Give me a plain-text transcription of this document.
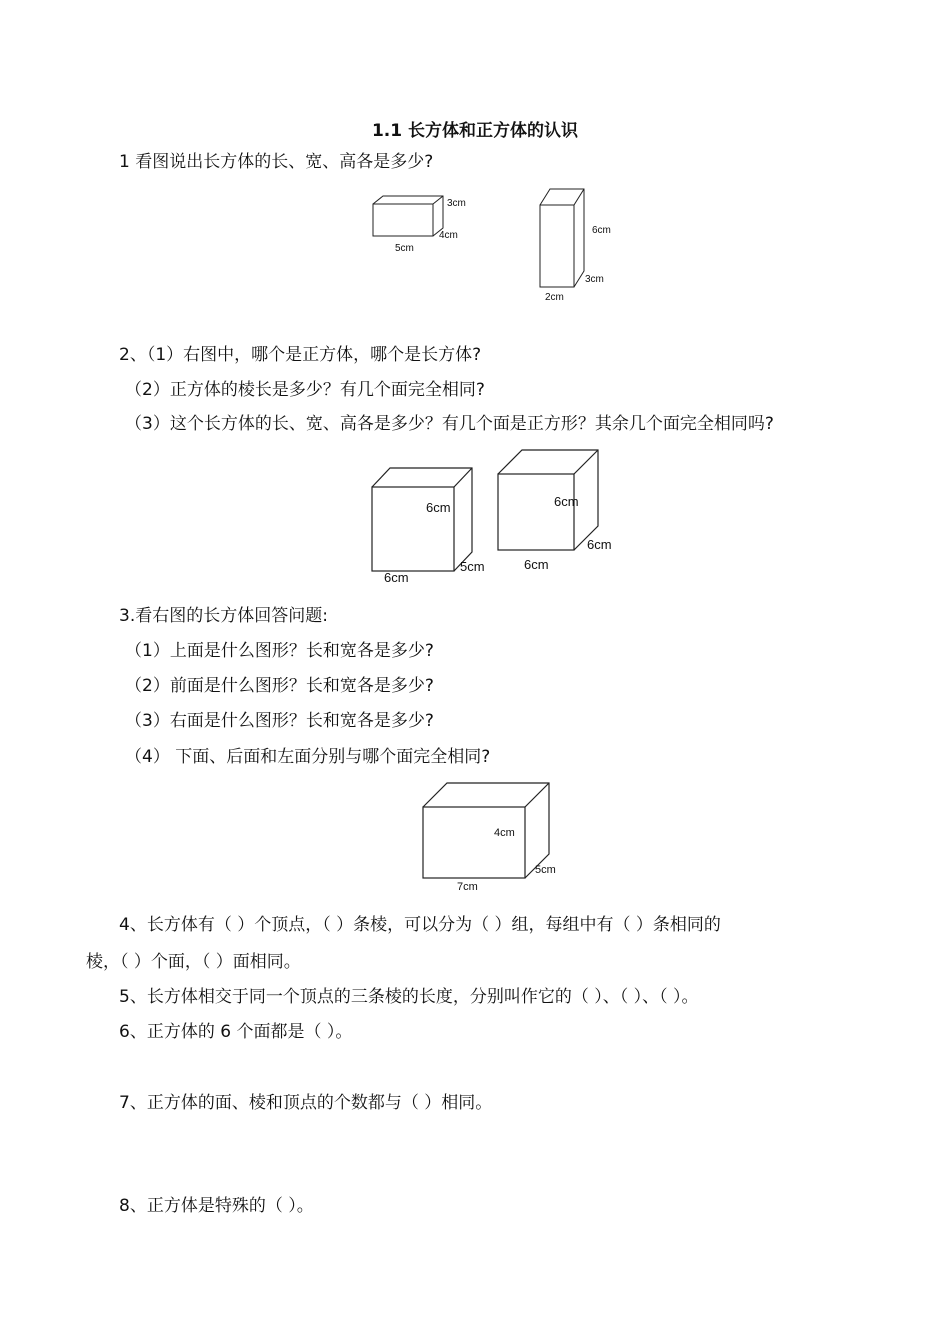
1.1 长方体和正方体的认识
1 看图说出长方体的长、宽、高各是多少?
3cm
4cm
5cm
6cm
3cm
2cm
2、（1）右图中，哪个是正方体，哪个是长方体?
（2）正方体的棱长是多少？有几个面完全相同?
（3）这个长方体的长、宽、高各是多少？有几个面是正方形？其余几个面完全相同吗?
6cm
5cm
6cm
6cm
6cm
6cm
3.看右图的长方体回答问题:
（1）上面是什么图形？长和宽各是多少?
（2）前面是什么图形？长和宽各是多少?
（3）右面是什么图形？长和宽各是多少?
（4） 下面、后面和左面分别与哪个面完全相同?
4cm
5cm
7cm
4、长方体有（ ）个顶点，（ ）条棱，可以分为（ ）组，每组中有（ ）条相同的
棱，（ ）个面，（ ）面相同。
5、长方体相交于同一个顶点的三条棱的长度，分别叫作它的（ ）、（ ）、（ ）。
6、正方体的 6 个面都是（ ）。
7、正方体的面、棱和顶点的个数都与（ ）相同。
8、正方体是特殊的（ ）。
